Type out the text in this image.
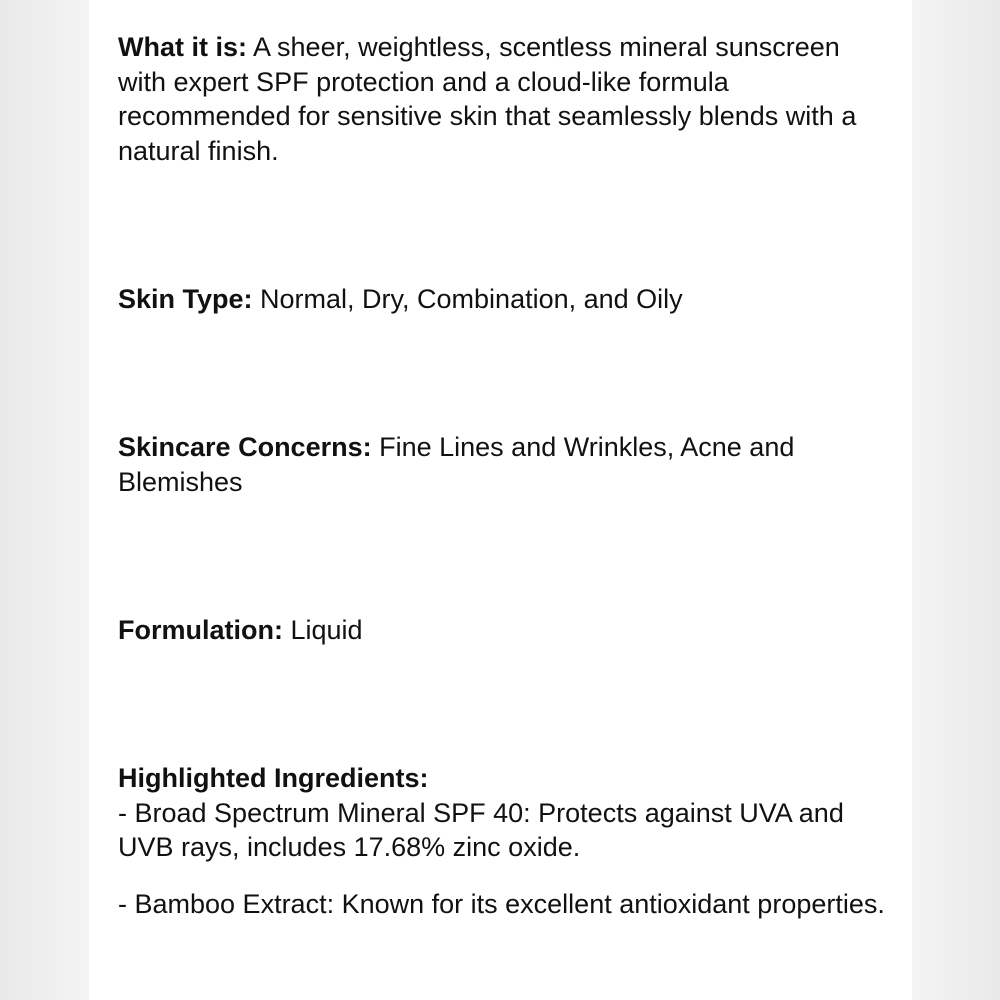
What it is: A sheer, weightless, scentless mineral sunscreen with expert SPF protection and a cloud-like formula recommended for sensitive skin that seamlessly blends with a natural finish.

Skin Type: Normal, Dry, Combination, and Oily

Skincare Concerns: Fine Lines and Wrinkles, Acne and Blemishes

Formulation: Liquid

Highlighted Ingredients:

- Broad Spectrum Mineral SPF 40: Protects against UVA and UVB rays, includes 17.68% zinc oxide.

- Bamboo Extract: Known for its excellent antioxidant properties.
